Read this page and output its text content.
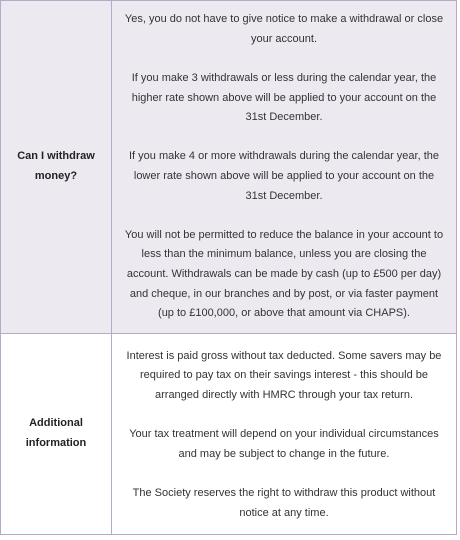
Can I withdraw money?	Yes, you do not have to give notice to make a withdrawal or close your account.

If you make 3 withdrawals or less during the calendar year, the higher rate shown above will be applied to your account on the 31st December.

If you make 4 or more withdrawals during the calendar year, the lower rate shown above will be applied to your account on the 31st December.

You will not be permitted to reduce the balance in your account to less than the minimum balance, unless you are closing the account. Withdrawals can be made by cash (up to £500 per day) and cheque, in our branches and by post, or via faster payment (up to £100,000, or above that amount via CHAPS).

Additional information	Interest is paid gross without tax deducted. Some savers may be required to pay tax on their savings interest - this should be arranged directly with HMRC through your tax return.

Your tax treatment will depend on your individual circumstances and may be subject to change in the future.

The Society reserves the right to withdraw this product without notice at any time.
